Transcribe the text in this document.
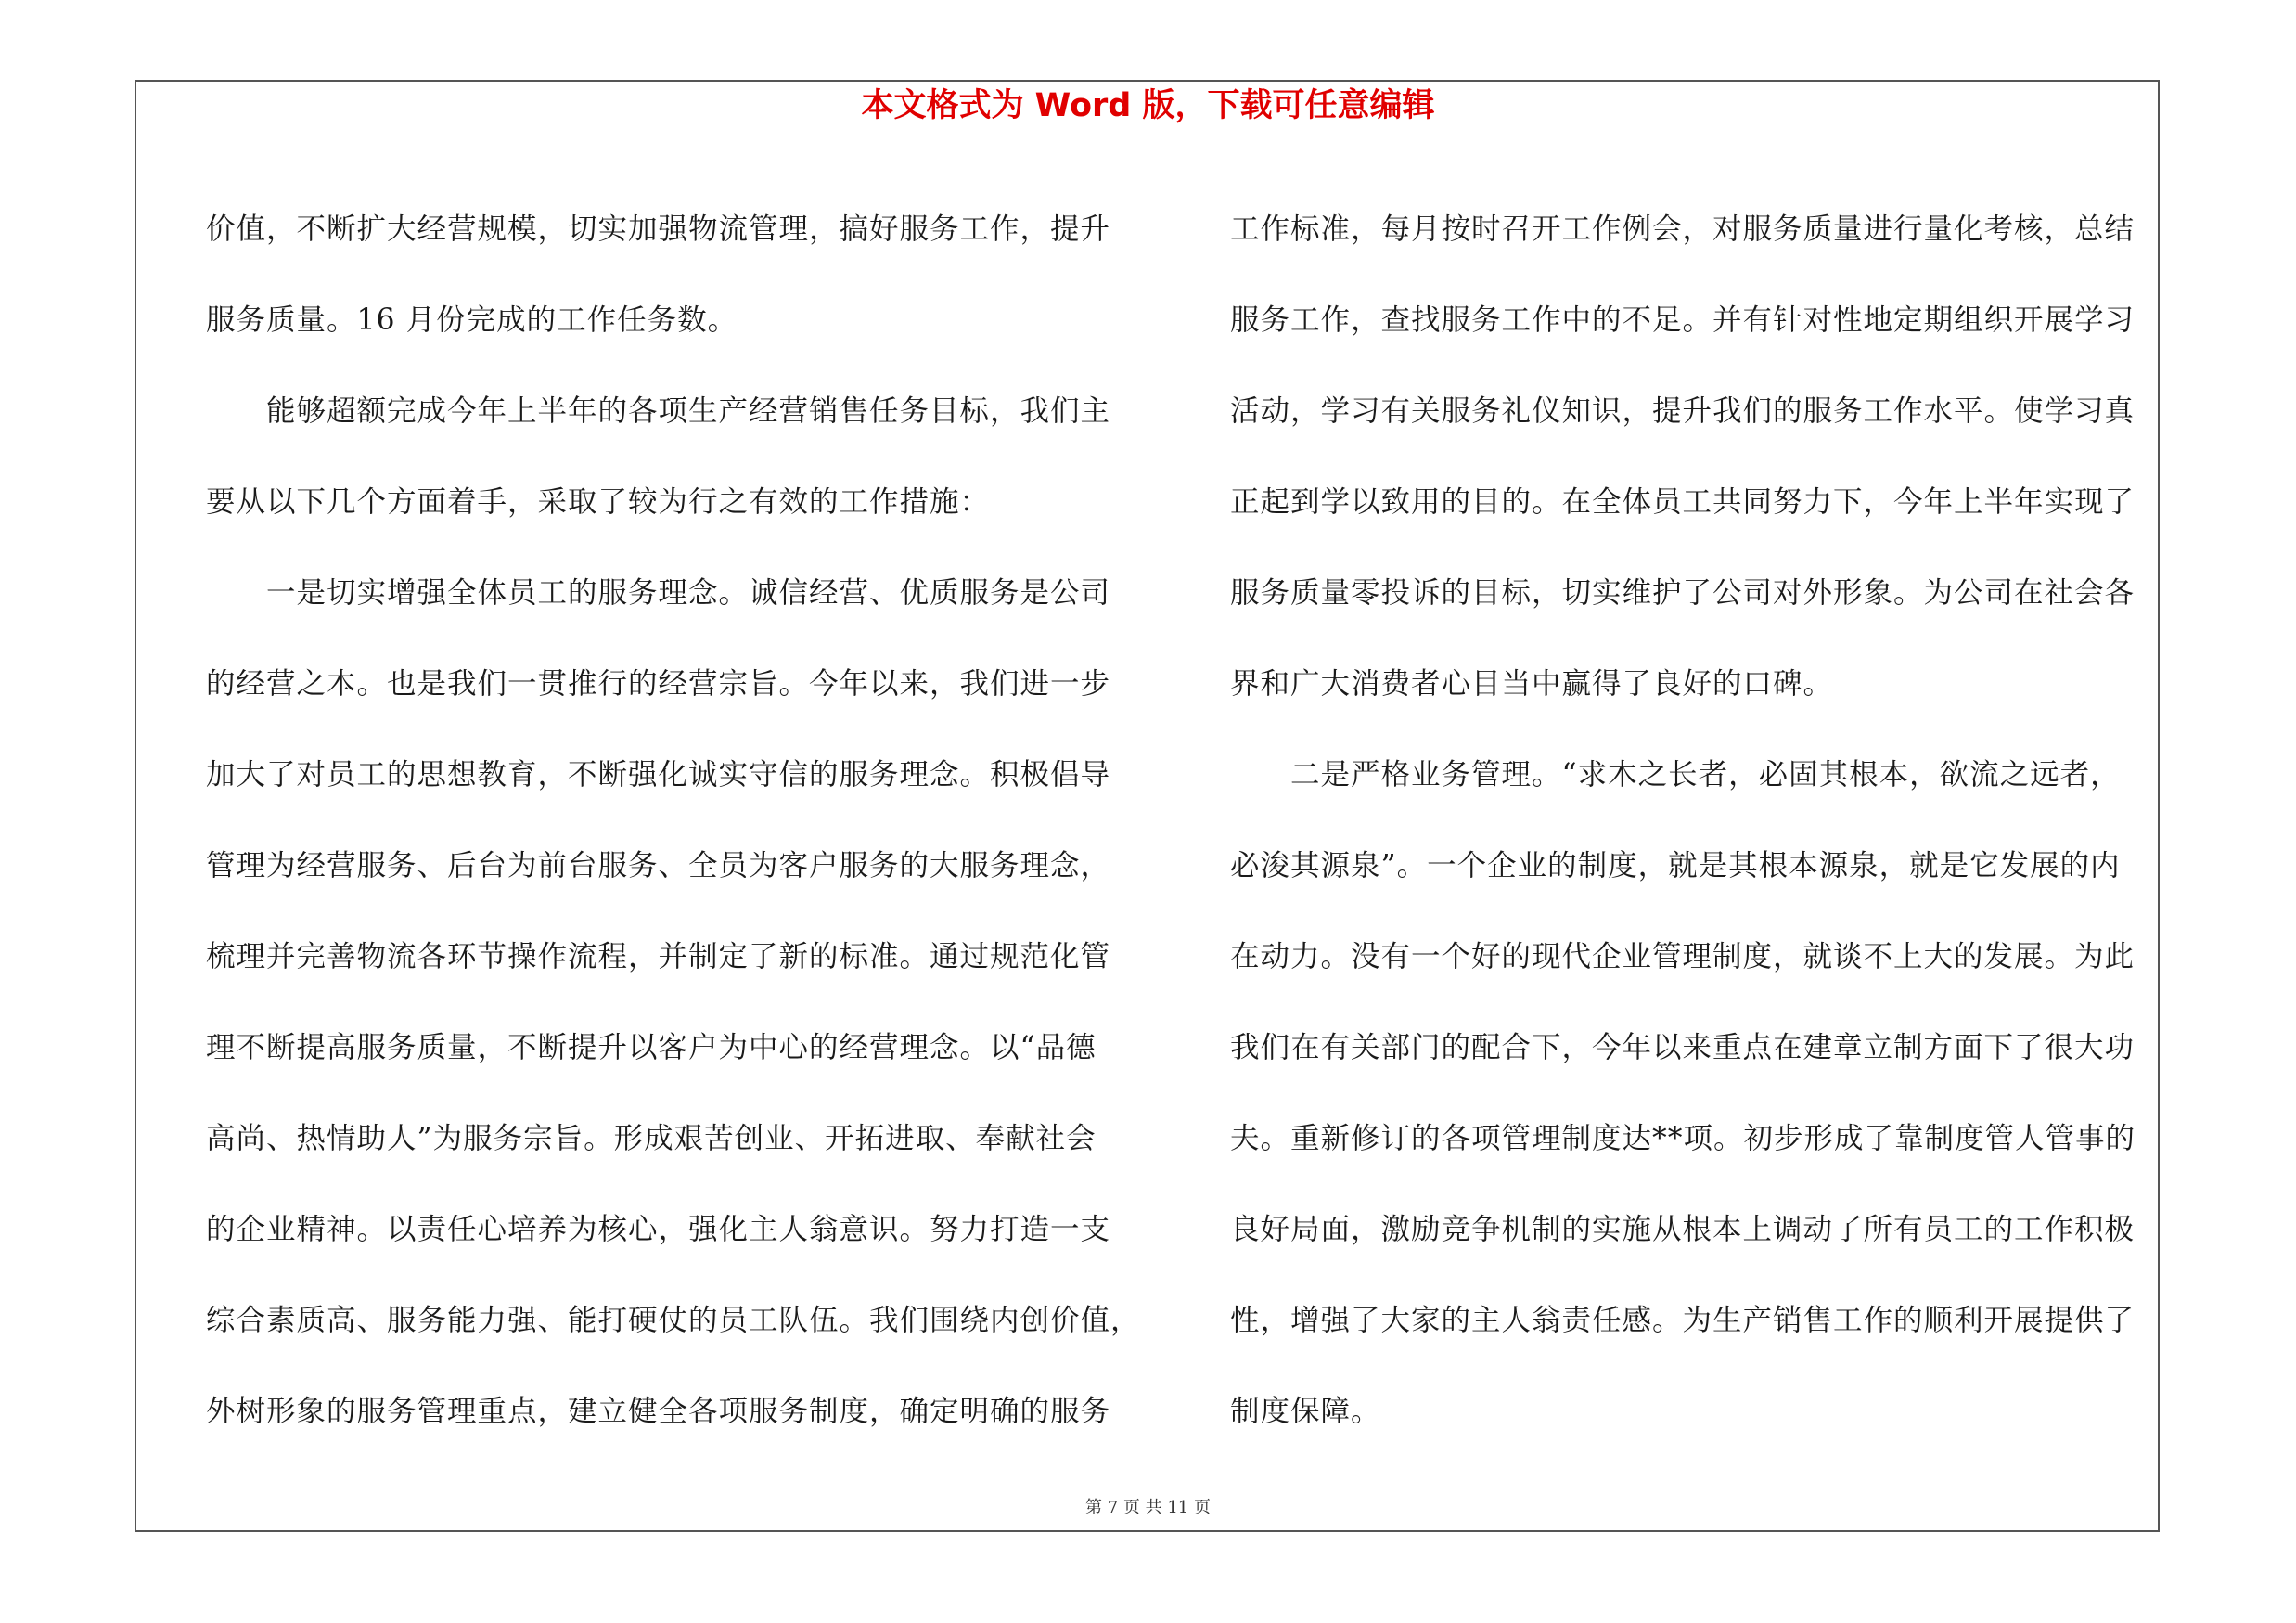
本文格式为 Word 版，下载可任意编辑
价值，不断扩大经营规模，切实加强物流管理，搞好服务工作，提升
服务质量。16 月份完成的工作任务数。
　　能够超额完成今年上半年的各项生产经营销售任务目标，我们主
要从以下几个方面着手，采取了较为行之有效的工作措施：
　　一是切实增强全体员工的服务理念。诚信经营、优质服务是公司
的经营之本。也是我们一贯推行的经营宗旨。今年以来，我们进一步
加大了对员工的思想教育，不断强化诚实守信的服务理念。积极倡导
管理为经营服务、后台为前台服务、全员为客户服务的大服务理念，
梳理并完善物流各环节操作流程，并制定了新的标准。通过规范化管
理不断提高服务质量，不断提升以客户为中心的经营理念。以“品德
高尚、热情助人”为服务宗旨。形成艰苦创业、开拓进取、奉献社会
的企业精神。以责任心培养为核心，强化主人翁意识。努力打造一支
综合素质高、服务能力强、能打硬仗的员工队伍。我们围绕内创价值，
外树形象的服务管理重点，建立健全各项服务制度，确定明确的服务
工作标准，每月按时召开工作例会，对服务质量进行量化考核，总结
服务工作，查找服务工作中的不足。并有针对性地定期组织开展学习
活动，学习有关服务礼仪知识，提升我们的服务工作水平。使学习真
正起到学以致用的目的。在全体员工共同努力下，今年上半年实现了
服务质量零投诉的目标，切实维护了公司对外形象。为公司在社会各
界和广大消费者心目当中赢得了良好的口碑。
　　二是严格业务管理。“求木之长者，必固其根本，欲流之远者，
必浚其源泉”。一个企业的制度，就是其根本源泉，就是它发展的内
在动力。没有一个好的现代企业管理制度，就谈不上大的发展。为此
我们在有关部门的配合下，今年以来重点在建章立制方面下了很大功
夫。重新修订的各项管理制度达**项。初步形成了靠制度管人管事的
良好局面，激励竞争机制的实施从根本上调动了所有员工的工作积极
性，增强了大家的主人翁责任感。为生产销售工作的顺利开展提供了
制度保障。
第 7 页 共 11 页
